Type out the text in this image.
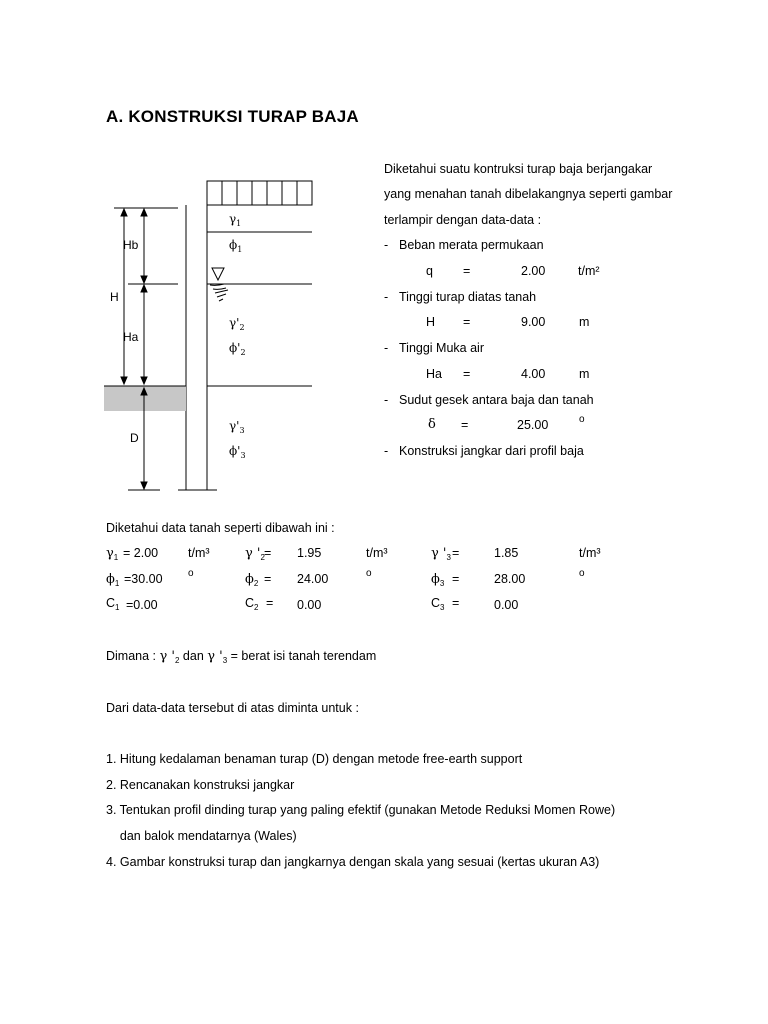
A. KONSTRUKSI TURAP BAJA
Hb
H
Ha
D
$\gamma_1$
$\phi_1$
$\gamma'_2$
$\phi'_2$
$\gamma'_3$
$\phi'_3$
Diketahui suatu kontruksi turap baja berjangakar
yang menahan tanah dibelakangnya seperti gambar
terlampir dengan data-data :
- Beban merata permukaan
q =	2.00	t/m²
- Tinggi turap diatas tanah
H =	9.00	m
- Tinggi Muka air
Ha =	4.00	m
- Sudut gesek antara baja dan tanah
δ =	25.00	o
- Konstruksi jangkar dari profil baja
Diketahui data tanah seperti dibawah ini :
$\gamma_1 = 2.00$ t/m³	γ '$_2 = 1.95$	t/m³	γ '$_3$ =	1.85	t/m³
$\phi_1 =30.00$	o	$\phi_2 = 24.00$	o	$\phi_3$ =	28.00	o
$C_1 =0.00$	$C_2 = 0.00$	$C_3$ =	0.00
Dimana : γ '$_2$ dan γ '$_3$ = berat isi tanah terendam
Dari data-data tersebut di atas diminta untuk :
1. Hitung kedalaman benaman turap (D) dengan metode free-earth support
2. Rencanakan konstruksi jangkar
3. Tentukan profil dinding turap yang paling efektif (gunakan Metode Reduksi Momen Rowe)
dan balok mendatarnya (Wales)
4. Gambar konstruksi turap dan jangkarnya dengan skala yang sesuai (kertas ukuran A3)
